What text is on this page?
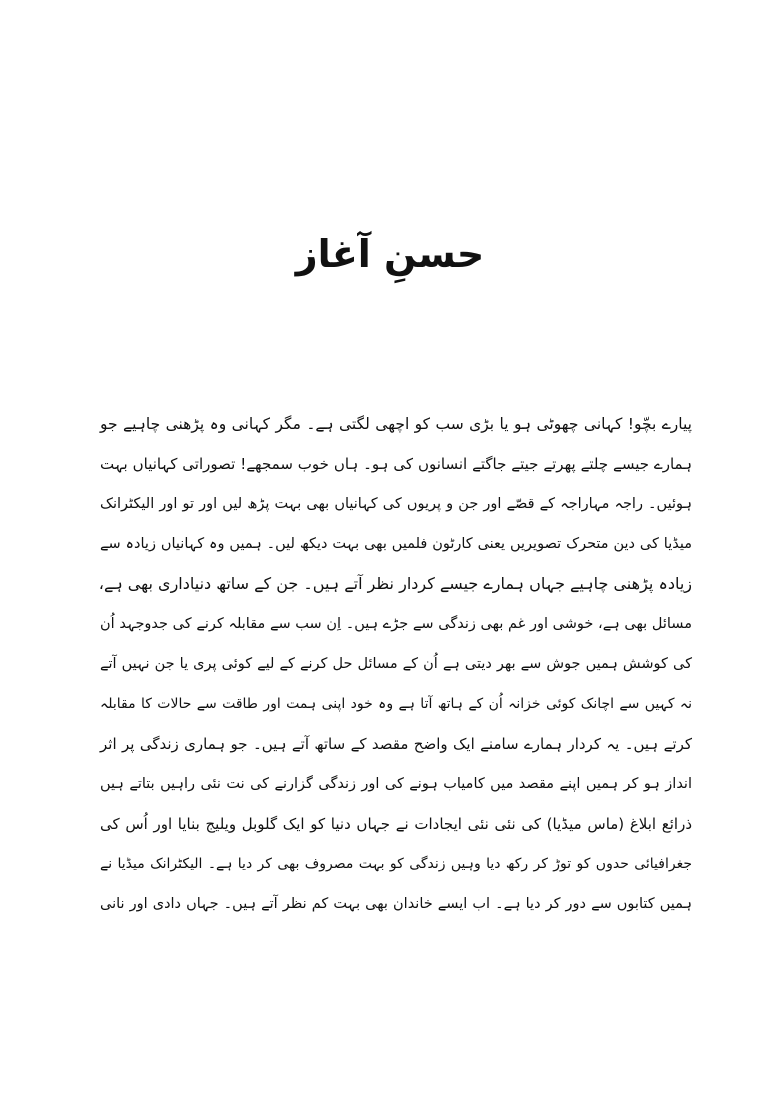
حسنِ آغاز
پیارے بچّو! کہانی چھوٹی ہو یا بڑی سب کو اچھی لگتی ہے۔ مگر کہانی وہ پڑھنی چاہیے جو
ہمارے جیسے چلتے پھرتے جیتے جاگتے انسانوں کی ہو۔ ہاں خوب سمجھے! تصوراتی کہانیاں بہت
ہوئیں۔ راجہ مہاراجہ کے قصّے اور جن و پریوں کی کہانیاں بھی بہت پڑھ لیں اور تو اور الیکٹرانک
میڈیا کی دین متحرک تصویریں یعنی کارٹون فلمیں بھی بہت دیکھ لیں۔ ہمیں وہ کہانیاں زیادہ سے
زیادہ پڑھنی چاہیے جہاں ہمارے جیسے کردار نظر آتے ہیں۔ جن کے ساتھ دنیاداری بھی ہے،
مسائل بھی ہے، خوشی اور غم بھی زندگی سے جڑے ہیں۔ اِن سب سے مقابلہ کرنے کی جدوجہد اُن
کی کوشش ہمیں جوش سے بھر دیتی ہے اُن کے مسائل حل کرنے کے لیے کوئی پری یا جن نہیں آتے
نہ کہیں سے اچانک کوئی خزانہ اُن کے ہاتھ آتا ہے وہ خود اپنی ہمت اور طاقت سے حالات کا مقابلہ
کرتے ہیں۔ یہ کردار ہمارے سامنے ایک واضح مقصد کے ساتھ آتے ہیں۔ جو ہماری زندگی پر اثر
انداز ہو کر ہمیں اپنے مقصد میں کامیاب ہونے کی اور زندگی گزارنے کی نت نئی راہیں بتاتے ہیں
ذرائع ابلاغ (ماس میڈیا) کی نئی نئی ایجادات نے جہاں دنیا کو ایک گلوبل ویلیج بنایا اور اُس کی
جغرافیائی حدوں کو توڑ کر رکھ دیا وہیں زندگی کو بہت مصروف بھی کر دیا ہے۔ الیکٹرانک میڈیا نے
ہمیں کتابوں سے دور کر دیا ہے۔ اب ایسے خاندان بھی بہت کم نظر آتے ہیں۔ جہاں دادی اور نانی
